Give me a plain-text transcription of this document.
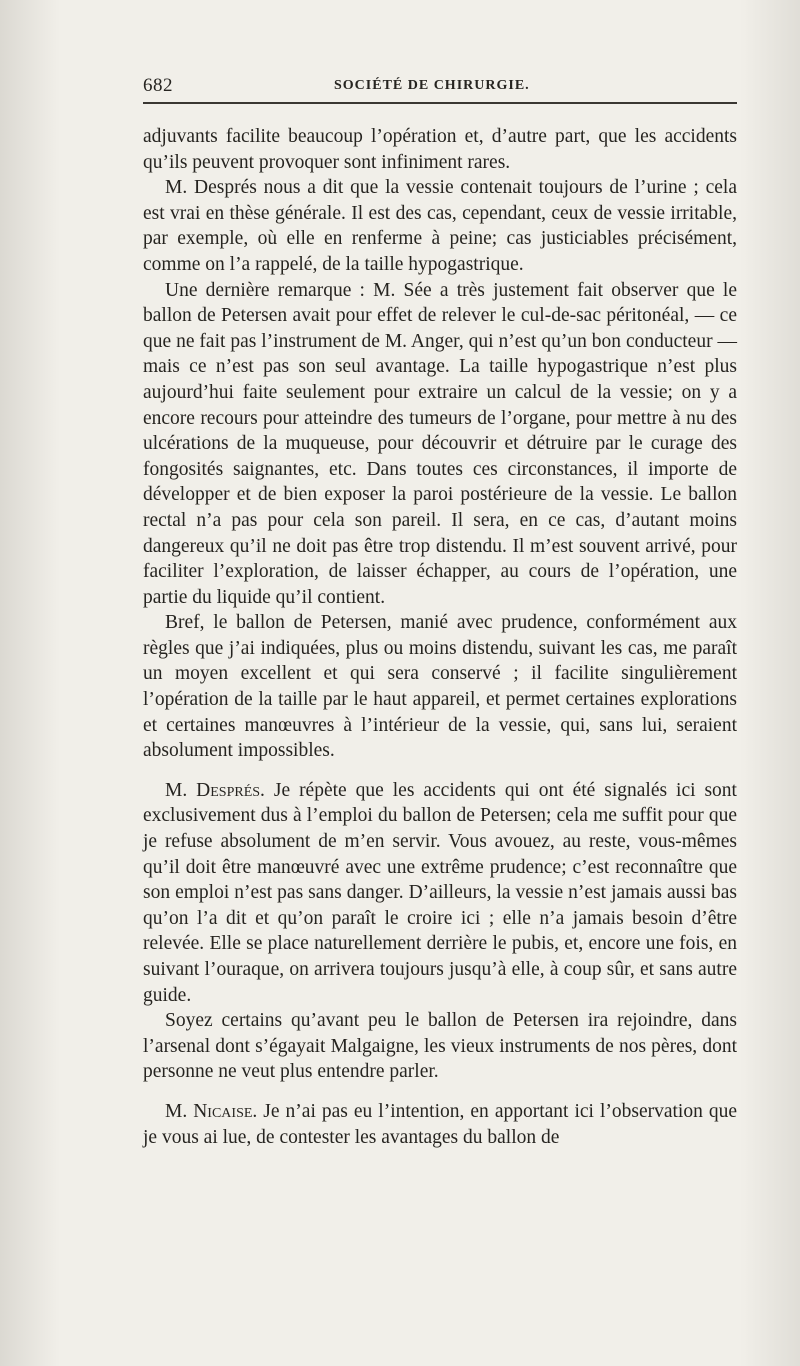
682	SOCIÉTÉ DE CHIRURGIE.

adjuvants facilite beaucoup l’opération et, d’autre part, que les accidents qu’ils peuvent provoquer sont infiniment rares.

M. Després nous a dit que la vessie contenait toujours de l’urine ; cela est vrai en thèse générale. Il est des cas, cependant, ceux de vessie irritable, par exemple, où elle en renferme à peine; cas justiciables précisément, comme on l’a rappelé, de la taille hypogastrique.

Une dernière remarque : M. Sée a très justement fait observer que le ballon de Petersen avait pour effet de relever le cul-de-sac péritonéal, — ce que ne fait pas l’instrument de M. Anger, qui n’est qu’un bon conducteur — mais ce n’est pas son seul avantage. La taille hypogastrique n’est plus aujourd’hui faite seulement pour extraire un calcul de la vessie; on y a encore recours pour atteindre des tumeurs de l’organe, pour mettre à nu des ulcérations de la muqueuse, pour découvrir et détruire par le curage des fongosités saignantes, etc. Dans toutes ces circonstances, il importe de développer et de bien exposer la paroi postérieure de la vessie. Le ballon rectal n’a pas pour cela son pareil. Il sera, en ce cas, d’autant moins dangereux qu’il ne doit pas être trop distendu. Il m’est souvent arrivé, pour faciliter l’exploration, de laisser échapper, au cours de l’opération, une partie du liquide qu’il contient.

Bref, le ballon de Petersen, manié avec prudence, conformément aux règles que j’ai indiquées, plus ou moins distendu, suivant les cas, me paraît un moyen excellent et qui sera conservé ; il facilite singulièrement l’opération de la taille par le haut appareil, et permet certaines explorations et certaines manœuvres à l’intérieur de la vessie, qui, sans lui, seraient absolument impossibles.

M. Després. Je répète que les accidents qui ont été signalés ici sont exclusivement dus à l’emploi du ballon de Petersen; cela me suffit pour que je refuse absolument de m’en servir. Vous avouez, au reste, vous-mêmes qu’il doit être manœuvré avec une extrême prudence; c’est reconnaître que son emploi n’est pas sans danger. D’ailleurs, la vessie n’est jamais aussi bas qu’on l’a dit et qu’on paraît le croire ici ; elle n’a jamais besoin d’être relevée. Elle se place naturellement derrière le pubis, et, encore une fois, en suivant l’ouraque, on arrivera toujours jusqu’à elle, à coup sûr, et sans autre guide.

Soyez certains qu’avant peu le ballon de Petersen ira rejoindre, dans l’arsenal dont s’égayait Malgaigne, les vieux instruments de nos pères, dont personne ne veut plus entendre parler.

M. Nicaise. Je n’ai pas eu l’intention, en apportant ici l’observation que je vous ai lue, de contester les avantages du ballon de
